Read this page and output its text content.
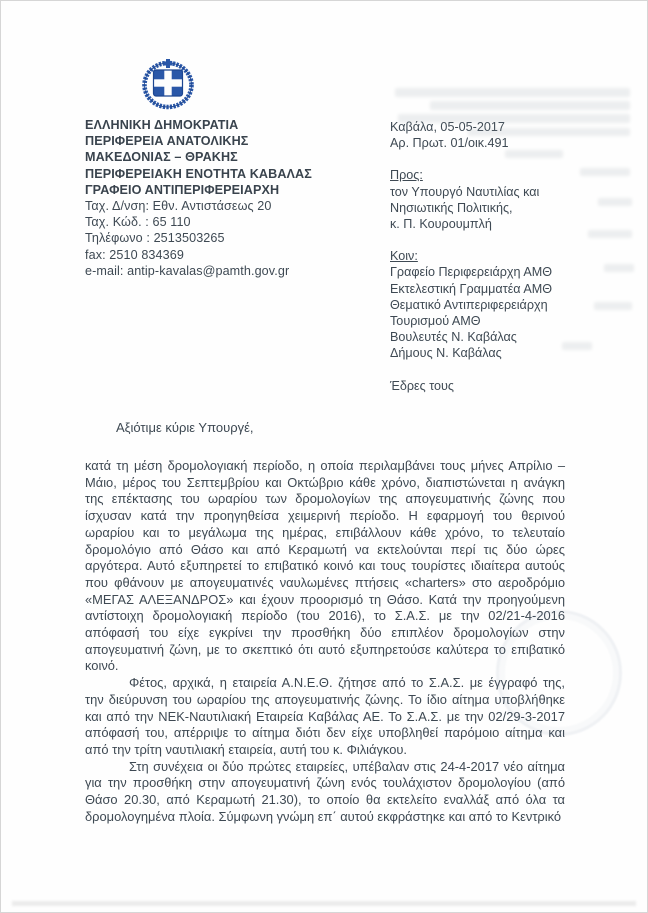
ΕΛΛΗΝΙΚΗ ΔΗΜΟΚΡΑΤΙΑ
ΠΕΡΙΦΕΡΕΙΑ ΑΝΑΤΟΛΙΚΗΣ
ΜΑΚΕΔΟΝΙΑΣ – ΘΡΑΚΗΣ
ΠΕΡΙΦΕΡΕΙΑΚΗ ΕΝΟΤΗΤΑ ΚΑΒΑΛΑΣ
ΓΡΑΦΕΙΟ ΑΝΤΙΠΕΡΙΦΕΡΕΙΑΡΧΗ
Ταχ. Δ/νση: Εθν. Αντιστάσεως 20
Ταχ. Κώδ. : 65 110
Τηλέφωνο : 2513503265
fax: 2510 834369
e-mail: antip-kavalas@pamth.gov.gr
Καβάλα, 05-05-2017
Αρ. Πρωτ. 01/οικ.491
Προς:
τον Υπουργό Ναυτιλίας και
Νησιωτικής Πολιτικής,
κ. Π. Κουρουμπλή
Κοιν:
Γραφείο Περιφερειάρχη ΑΜΘ
Εκτελεστική Γραμματέα ΑΜΘ
Θεματικό Αντιπεριφερειάρχη
Τουρισμού ΑΜΘ
Βουλευτές Ν. Καβάλας
Δήμους Ν. Καβάλας
Έδρες τους
Αξιότιμε κύριε Υπουργέ,

κατά τη μέση δρομολογιακή περίοδο, η οποία περιλαμβάνει τους μήνες Απρίλιο – Μάιο, μέρος του Σεπτεμβρίου και Οκτώβριο κάθε χρόνο, διαπιστώνεται η ανάγκη της επέκτασης του ωραρίου των δρομολογίων της απογευματινής ζώνης που ίσχυσαν κατά την προηγηθείσα χειμερινή περίοδο. Η εφαρμογή του θερινού ωραρίου και το μεγάλωμα της ημέρας, επιβάλλουν κάθε χρόνο, το τελευταίο δρομολόγιο από Θάσο και από Κεραμωτή να εκτελούνται περί τις δύο ώρες αργότερα. Αυτό εξυπηρετεί το επιβατικό κοινό και τους τουρίστες ιδιαίτερα αυτούς που φθάνουν με απογευματινές ναυλωμένες πτήσεις «charters» στο αεροδρόμιο «ΜΕΓΑΣ ΑΛΕΞΑΝΔΡΟΣ» και έχουν προορισμό τη Θάσο. Κατά την προηγούμενη αντίστοιχη δρομολογιακή περίοδο (του 2016), το Σ.Α.Σ. με την 02/21-4-2016 απόφασή του είχε εγκρίνει την προσθήκη δύο επιπλέον δρομολογίων στην απογευματινή ζώνη, με το σκεπτικό ότι αυτό εξυπηρετούσε καλύτερα το επιβατικό κοινό.

Φέτος, αρχικά, η εταιρεία Α.Ν.Ε.Θ. ζήτησε από το Σ.Α.Σ. με έγγραφό της, την διεύρυνση του ωραρίου της απογευματινής ζώνης. Το ίδιο αίτημα υποβλήθηκε και από την ΝΕΚ-Ναυτιλιακή Εταιρεία Καβάλας ΑΕ. Το Σ.Α.Σ. με την 02/29-3-2017 απόφασή του, απέρριψε το αίτημα διότι δεν είχε υποβληθεί παρόμοιο αίτημα και από την τρίτη ναυτιλιακή εταιρεία, αυτή του κ. Φιλιάγκου.

Στη συνέχεια οι δύο πρώτες εταιρείες, υπέβαλαν στις 24-4-2017 νέο αίτημα για την προσθήκη στην απογευματινή ζώνη ενός τουλάχιστον δρομολογίου (από Θάσο 20.30, από Κεραμωτή 21.30), το οποίο θα εκτελείτο εναλλάξ από όλα τα δρομολογημένα πλοία. Σύμφωνη γνώμη επ΄ αυτού εκφράστηκε και από το Κεντρικό
